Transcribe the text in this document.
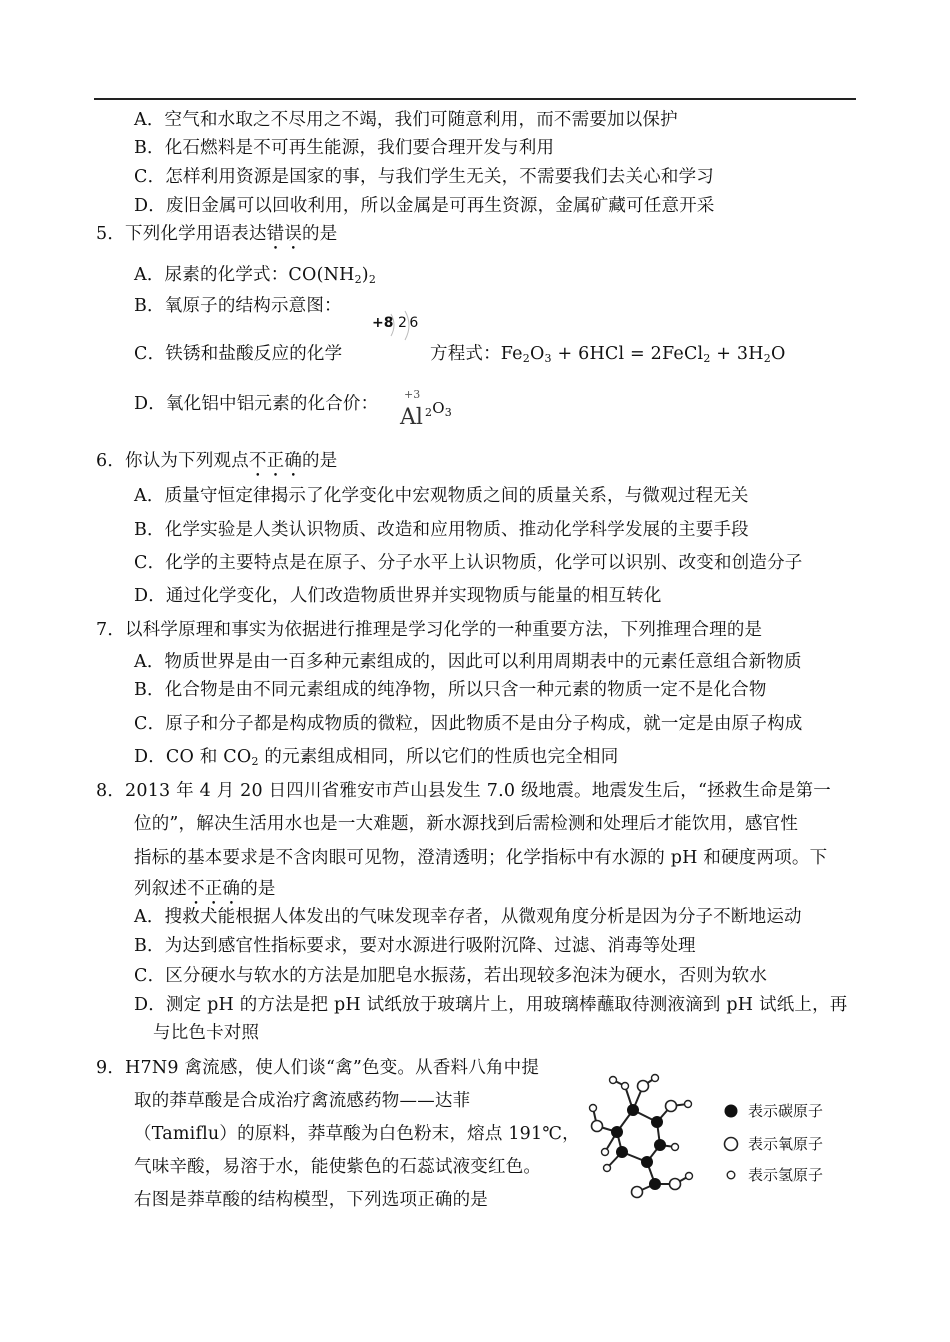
A．空气和水取之不尽用之不竭，我们可随意利用，而不需要加以保护
B．化石燃料是不可再生能源，我们要合理开发与利用
C．怎样利用资源是国家的事，与我们学生无关，不需要我们去关心和学习
D．废旧金属可以回收利用，所以金属是可再生资源，金属矿藏可任意开采
5．下列化学用语表达错误的是
A．尿素的化学式：$CO(NH_2)_2$
B．氧原子的结构示意图：
+8 2 6
C．铁锈和盐酸反应的化学	方程式：$Fe_2O_3 + 6HCl$ = 2FeCl$_2$ + $3H_2O$
D．氧化铝中铝元素的化合价： +3
Al $_2O_3$
6．你认为下列观点不正确的是
A．质量守恒定律揭示了化学变化中宏观物质之间的质量关系，与微观过程无关
B．化学实验是人类认识物质、改造和应用物质、推动化学科学发展的主要手段
C．化学的主要特点是在原子、分子水平上认识物质，化学可以识别、改变和创造分子
D．通过化学变化，人们改造物质世界并实现物质与能量的相互转化
7．以科学原理和事实为依据进行推理是学习化学的一种重要方法，下列推理合理的是
A．物质世界是由一百多种元素组成的，因此可以利用周期表中的元素任意组合新物质
B．化合物是由不同元素组成的纯净物，所以只含一种元素的物质一定不是化合物
C．原子和分子都是构成物质的微粒，因此物质不是由分子构成，就一定是由原子构成
D．CO 和 $CO_2$ 的元素组成相同，所以它们的性质也完全相同
8．2013 年 4 月 20 日四川省雅安市芦山县发生 7.0 级地震。地震发生后，“拯救生命是第一
位的”，解决生活用水也是一大难题，新水源找到后需检测和处理后才能饮用，感官性
指标的基本要求是不含肉眼可见物，澄清透明；化学指标中有水源的 pH 和硬度两项。下
列叙述不正确的是
A．搜救犬能根据人体发出的气味发现幸存者，从微观角度分析是因为分子不断地运动
B．为达到感官性指标要求，要对水源进行吸附沉降、过滤、消毒等处理
C．区分硬水与软水的方法是加肥皂水振荡，若出现较多泡沫为硬水，否则为软水
D．测定 pH 的方法是把 pH 试纸放于玻璃片上，用玻璃棒蘸取待测液滴到 pH 试纸上，再
与比色卡对照
9．H7N9 禽流感，使人们谈“禽”色变。从香料八角中提
取的莽草酸是合成治疗禽流感药物——达菲
（Tamiflu）的原料，莽草酸为白色粉末，熔点 191℃，
气味辛酸，易溶于水，能使紫色的石蕊试液变红色。
右图是莽草酸的结构模型，下列选项正确的是
表示碳原子
表示氧原子
表示氢原子
